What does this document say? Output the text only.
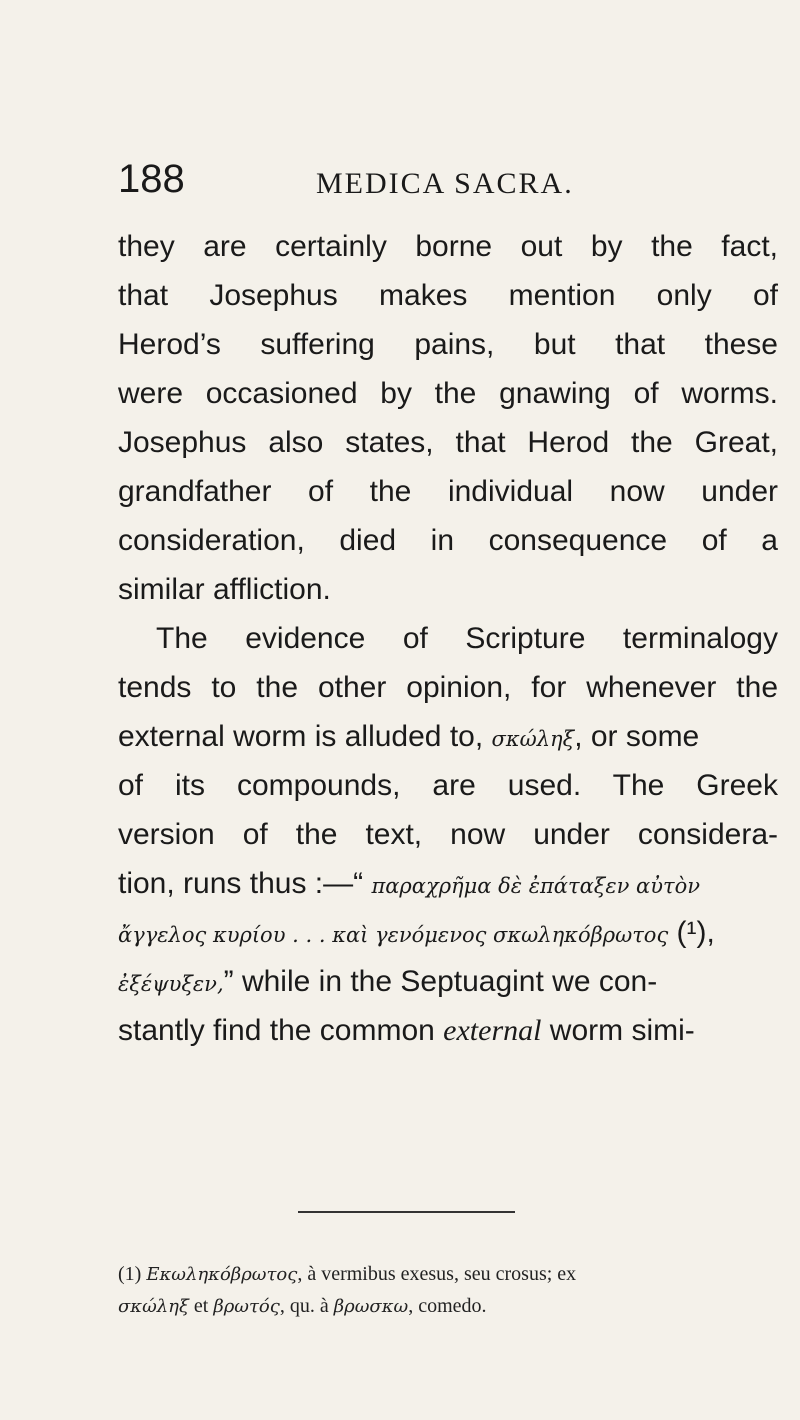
188	MEDICA SACRA.
they are certainly borne out by the fact,
that Josephus makes mention only of
Herod’s suffering pains, but that these
were occasioned by the gnawing of worms.
Josephus also states, that Herod the Great,
grandfather of the individual now under
consideration, died in consequence of a
similar affliction.
The evidence of Scripture terminalogy
tends to the other opinion, for whenever the
external worm is alluded to, σκώληξ, or some
of its compounds, are used. The Greek
version of the text, now under considera-
tion, runs thus :—“ παραχρῆμα δὲ ἐπάταξεν αὐτὸν
ἄγγελος κυρίου . . . καὶ γενόμενος σκωληκόβρωτος (¹),
ἐξέψυξεν,” while in the Septuagint we con-
stantly find the common external worm simi-
(1) Εκωληκόβρωτος, à vermibus exesus, seu crosus; ex
σκώληξ et βρωτός, qu. à βρωσκω, comedo.
